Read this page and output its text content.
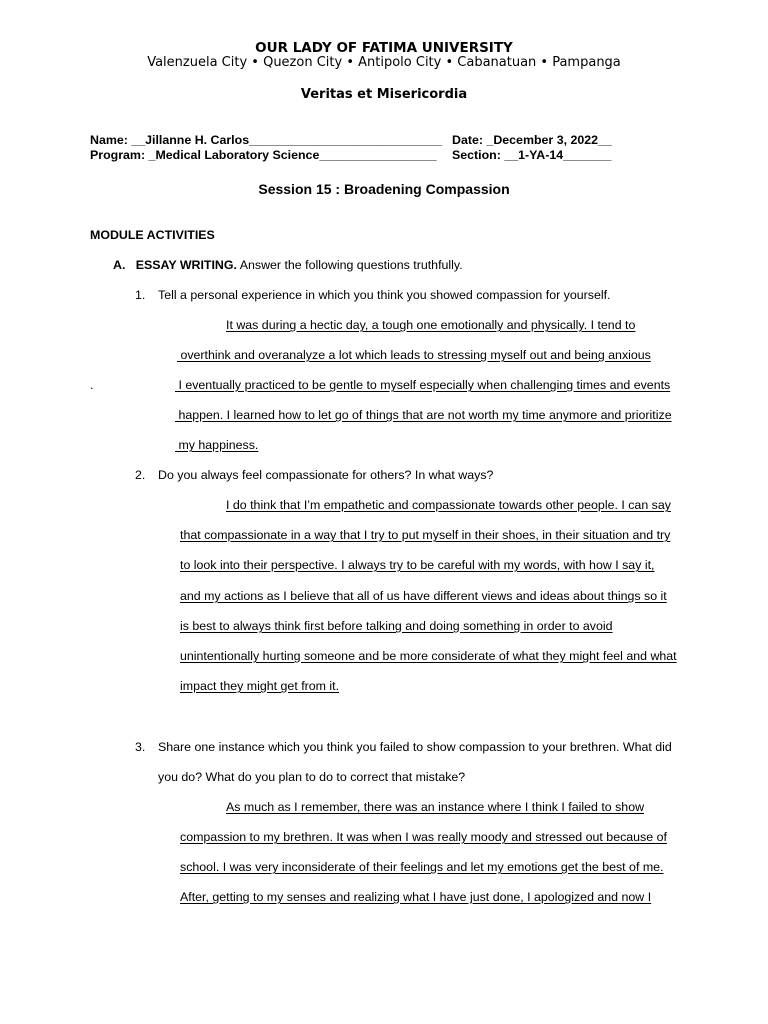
OUR LADY OF FATIMA UNIVERSITY
Valenzuela City • Quezon City • Antipolo City • Cabanatuan • Pampanga
Veritas et Misericordia
Name: __Jillanne H. Carlos____________________________ Date: _December 3, 2022__
Program: _Medical Laboratory Science_________________ Section: __1-YA-14_______
Session 15 : Broadening Compassion
MODULE ACTIVITIES
A. ESSAY WRITING. Answer the following questions truthfully.
1. Tell a personal experience in which you think you showed compassion for yourself.
It was during a hectic day, a tough one emotionally and physically. I tend to
overthink and overanalyze a lot which leads to stressing myself out and being anxious
.	I eventually practiced to be gentle to myself especially when challenging times and events
happen. I learned how to let go of things that are not worth my time anymore and prioritize
my happiness.
2. Do you always feel compassionate for others? In what ways?
I do think that I’m empathetic and compassionate towards other people. I can say
that compassionate in a way that I try to put myself in their shoes, in their situation and try
to look into their perspective. I always try to be careful with my words, with how I say it,
and my actions as I believe that all of us have different views and ideas about things so it
is best to always think first before talking and doing something in order to avoid
unintentionally hurting someone and be more considerate of what they might feel and what
impact they might get from it.
3. Share one instance which you think you failed to show compassion to your brethren. What did
you do? What do you plan to do to correct that mistake?
As much as I remember, there was an instance where I think I failed to show
compassion to my brethren. It was when I was really moody and stressed out because of
school. I was very inconsiderate of their feelings and let my emotions get the best of me.
After, getting to my senses and realizing what I have just done, I apologized and now I
